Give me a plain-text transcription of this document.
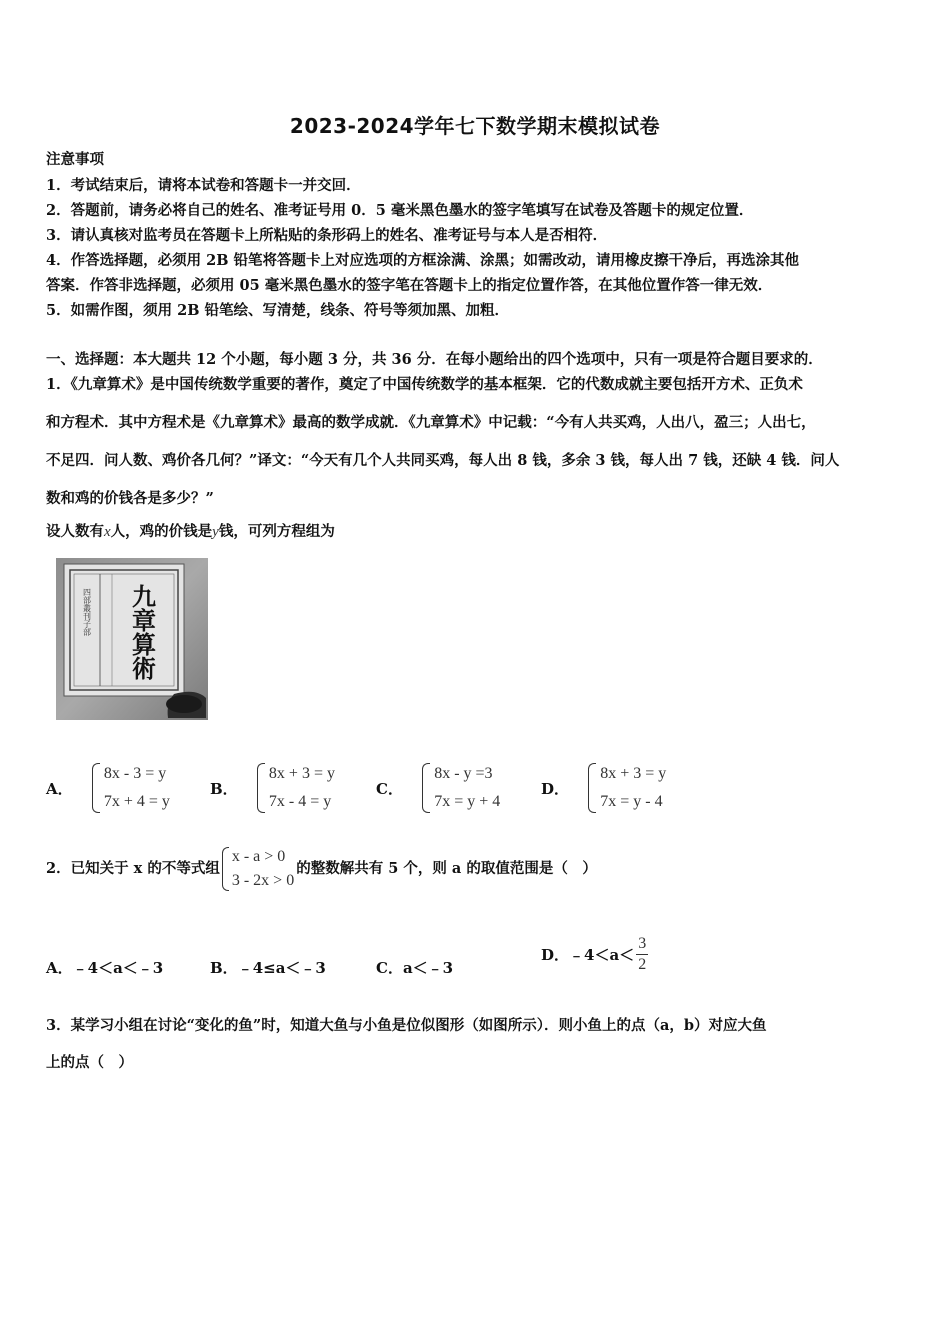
2023-2024学年七下数学期末模拟试卷
注意事项
1．考试结束后，请将本试卷和答题卡一并交回．
2．答题前，请务必将自己的姓名、准考证号用 0．5 毫米黑色墨水的签字笔填写在试卷及答题卡的规定位置．
3．请认真核对监考员在答题卡上所粘贴的条形码上的姓名、准考证号与本人是否相符．
4．作答选择题，必须用 2B 铅笔将答题卡上对应选项的方框涂满、涂黑；如需改动，请用橡皮擦干净后，再选涂其他
答案．作答非选择题，必须用 05 毫米黑色墨水的签字笔在答题卡上的指定位置作答，在其他位置作答一律无效．
5．如需作图，须用 2B 铅笔绘、写清楚，线条、符号等须加黑、加粗．
一、选择题：本大题共 12 个小题，每小题 3 分，共 36 分．在每小题给出的四个选项中，只有一项是符合题目要求的．
1．《九章算术》是中国传统数学重要的著作，奠定了中国传统数学的基本框架．它的代数成就主要包括开方术、正负术
和方程术．其中方程术是《九章算术》最高的数学成就．《九章算术》中记载：“今有人共买鸡，人出八，盈三；人出七，
不足四．问人数、鸡价各几何？”译文：“今天有几个人共同买鸡，每人出 8 钱，多余 3 钱，每人出 7 钱，还缺 4 钱．问人
数和鸡的价钱各是多少？”
设人数有x人，鸡的价钱是y钱，可列方程组为
四部叢刊子部 九章算術
A．
8x - 3 = y
7x + 4 = y
B．
8x + 3 = y
7x - 4 = y
C．
8x - y =3
7x = y + 4
D．
8x + 3 = y
7x = y - 4
2．已知关于 x 的不等式组
x - a > 0
3 - 2x > 0
的整数解共有 5 个，则 a 的取值范围是（　）
A．﹣4＜a＜﹣3	B．﹣4≤a＜﹣3	C．a＜﹣3
D．﹣4＜a＜ $\frac{3}{2}$
3．某学习小组在讨论“变化的鱼”时，知道大鱼与小鱼是位似图形（如图所示）．则小鱼上的点（a，b）对应大鱼
上的点（　）
